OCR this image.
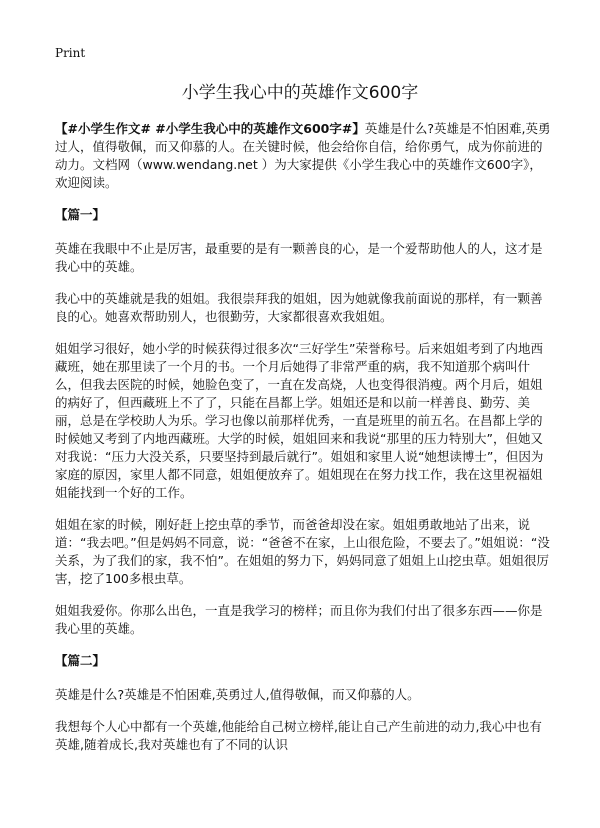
Print
小学生我心中的英雄作文600字

【#小学生作文# #小学生我心中的英雄作文600字#】英雄是什么?英雄是不怕困难,英勇过人，值得敬佩，而又仰慕的人。在关键时候，他会给你自信，给你勇气，成为你前进的动力。文档网（www.wendang.net ）为大家提供《小学生我心中的英雄作文600字》，欢迎阅读。

【篇一】

英雄在我眼中不止是厉害，最重要的是有一颗善良的心，是一个爱帮助他人的人，这才是我心中的英雄。

我心中的英雄就是我的姐姐。我很崇拜我的姐姐，因为她就像我前面说的那样，有一颗善良的心。她喜欢帮助别人，也很勤劳，大家都很喜欢我姐姐。

姐姐学习很好，她小学的时候获得过很多次“三好学生”荣誉称号。后来姐姐考到了内地西藏班，她在那里读了一个月的书。一个月后她得了非常严重的病，我不知道那个病叫什么，但我去医院的时候，她脸色变了，一直在发高烧，人也变得很消瘦。两个月后，姐姐的病好了，但西藏班上不了了，只能在昌都上学。姐姐还是和以前一样善良、勤劳、美丽，总是在学校助人为乐。学习也像以前那样优秀，一直是班里的前五名。在昌都上学的时候她又考到了内地西藏班。大学的时候，姐姐回来和我说“那里的压力特别大”，但她又对我说：“压力大没关系，只要坚持到最后就行”。姐姐和家里人说“她想读博士”，但因为家庭的原因，家里人都不同意，姐姐便放弃了。姐姐现在在努力找工作，我在这里祝福姐姐能找到一个好的工作。

姐姐在家的时候，刚好赶上挖虫草的季节，而爸爸却没在家。姐姐勇敢地站了出来，说道：“我去吧。”但是妈妈不同意，说：“爸爸不在家，上山很危险，不要去了。”姐姐说：“没关系，为了我们的家，我不怕”。在姐姐的努力下，妈妈同意了姐姐上山挖虫草。姐姐很厉害，挖了100多根虫草。

姐姐我爱你。你那么出色，一直是我学习的榜样；而且你为我们付出了很多东西——你是我心里的英雄。

【篇二】

英雄是什么?英雄是不怕困难,英勇过人,值得敬佩，而又仰慕的人。

我想每个人心中都有一个英雄,他能给自己树立榜样,能让自己产生前进的动力,我心中也有英雄,随着成长,我对英雄也有了不同的认识
